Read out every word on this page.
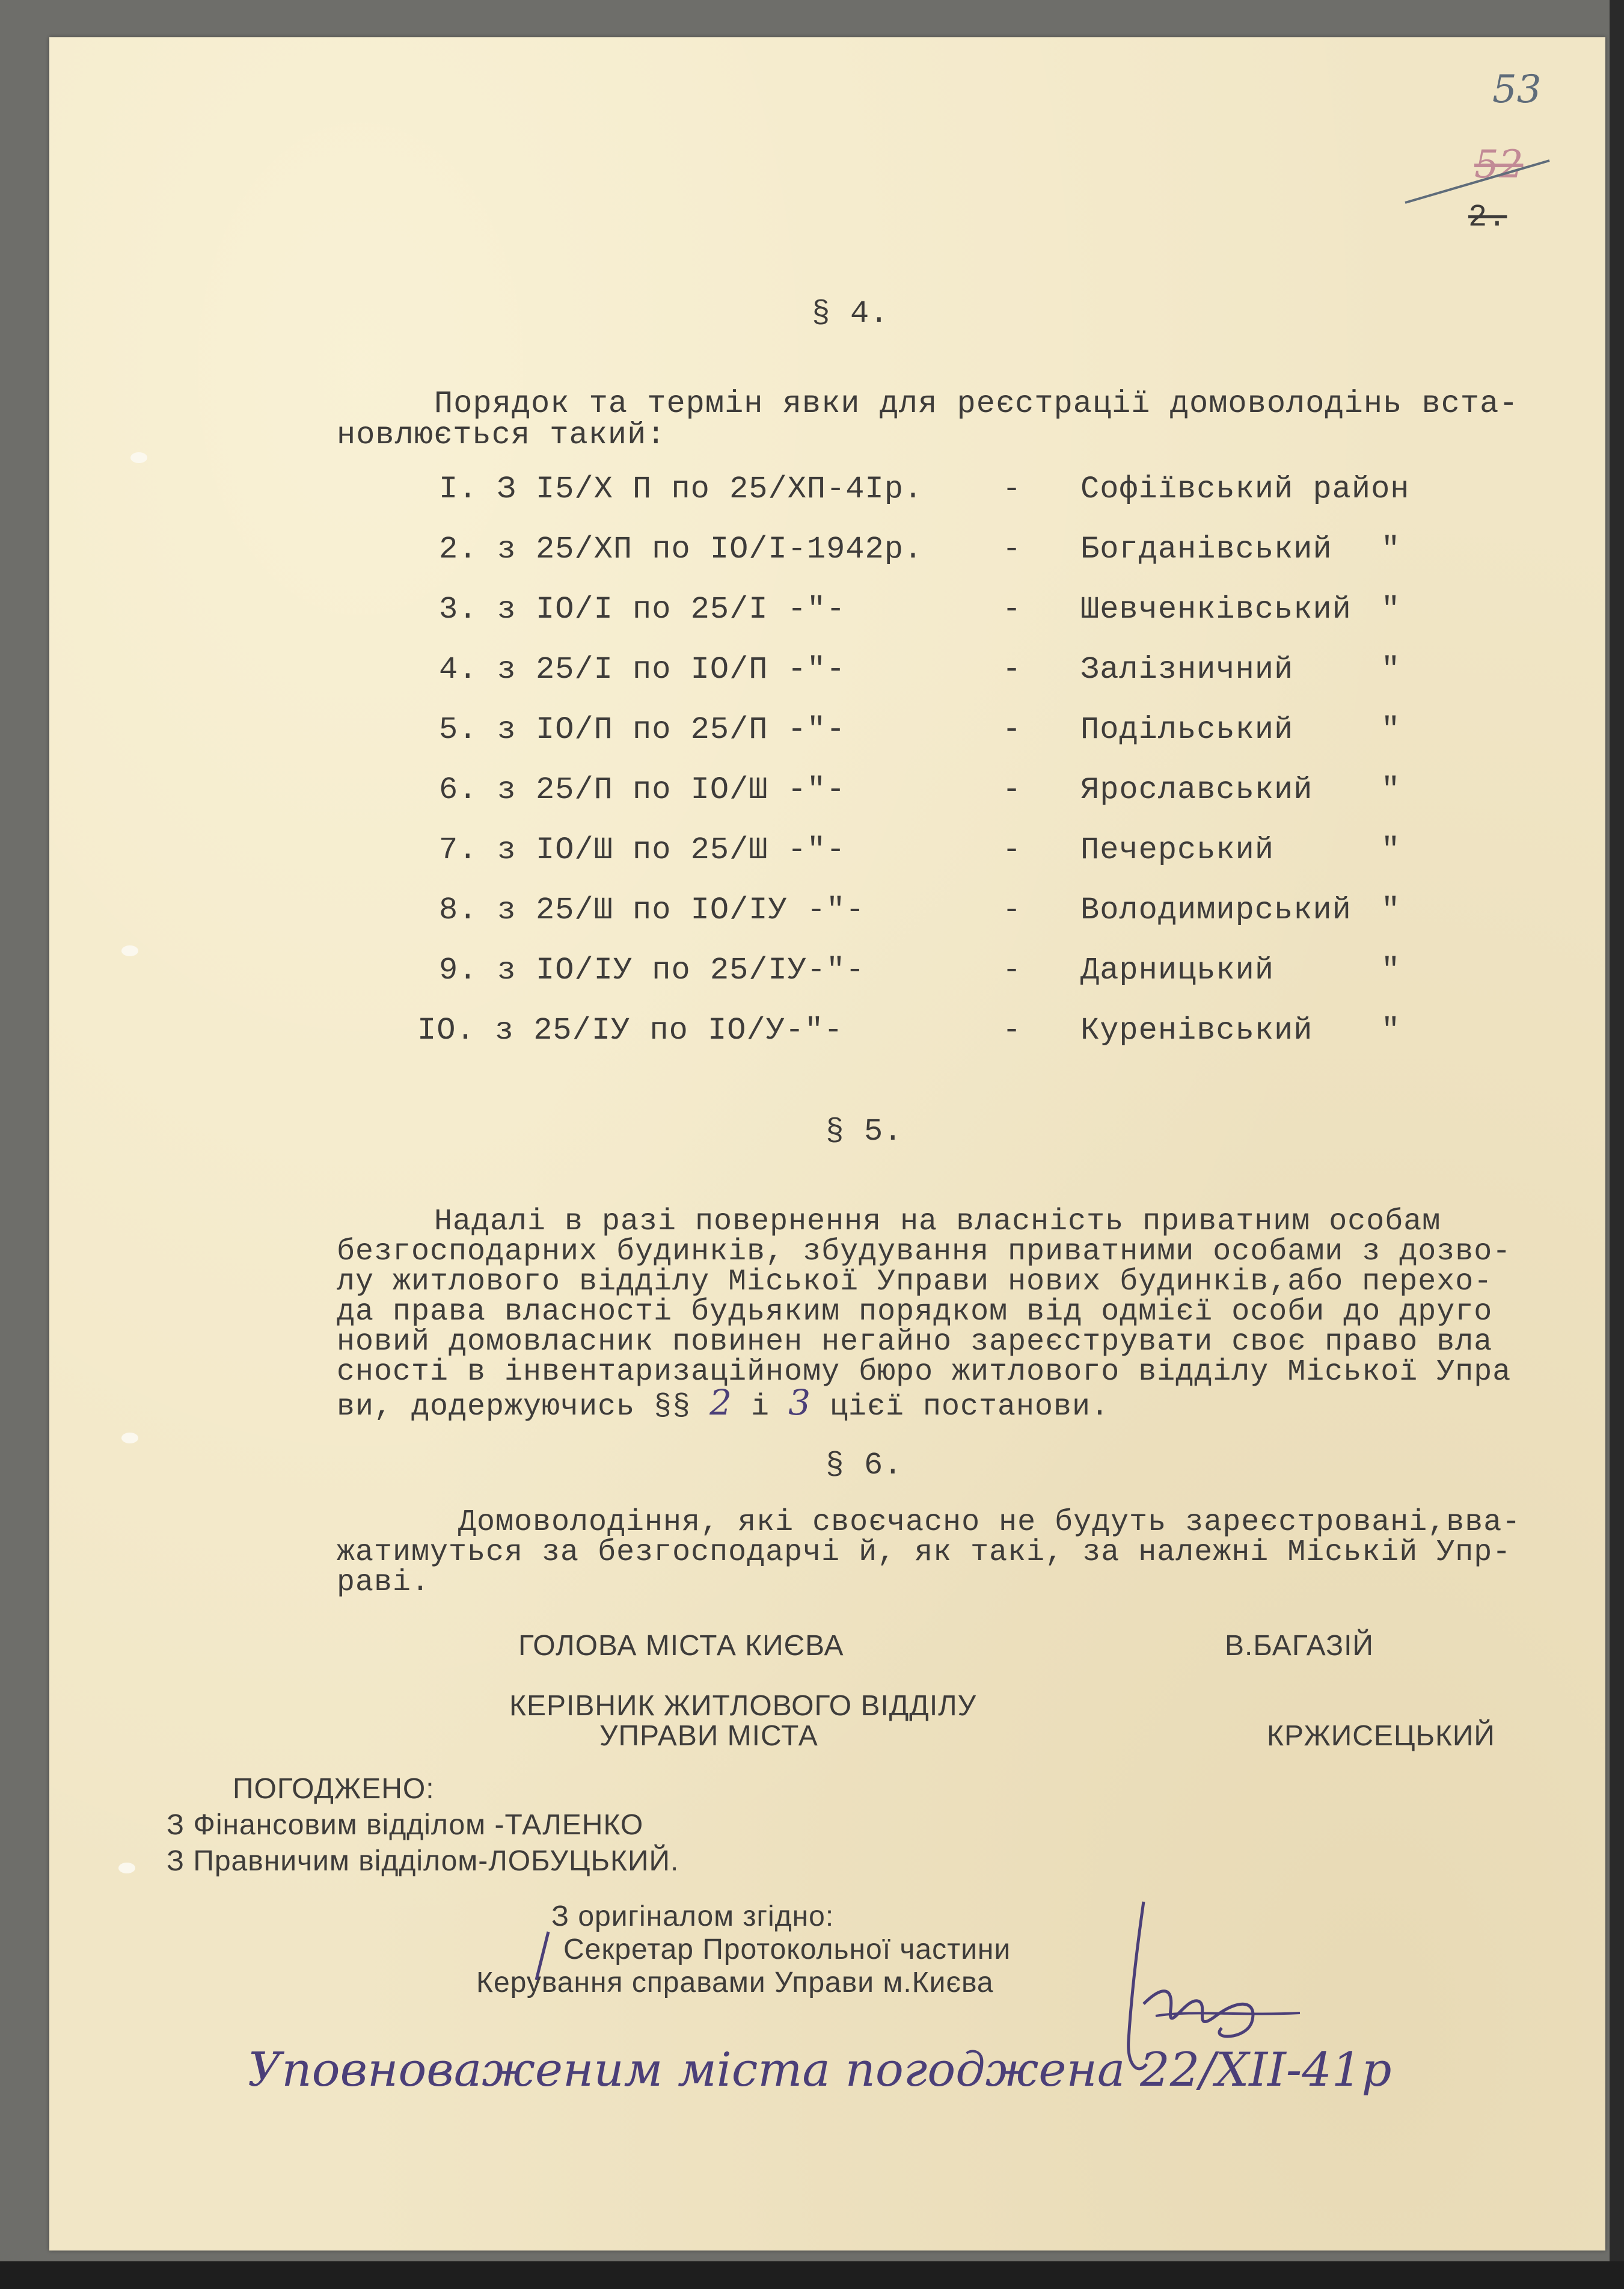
53
52
2.
§ 4.
Порядок та термін явки для реєстрації домоволодінь вста-
новлюється такий:
I. З I5/X П по 25/XП-4Iр.	- Софіївський район
2. з 25/XП по IO/I-1942р.	- Богданівський "
3. з IO/I по 25/I -"-	- Шевченківський "
4. з 25/I по IO/П -"-	- Залізничний	"
5. з IO/П по 25/П -"-	- Подільський	"
6. з 25/П по IO/Ш -"-	- Ярославський "
7. з IO/Ш по 25/Ш -"-	- Печерський	"
8. з 25/Ш по IO/IУ -"-	- Володимирський "
9. з IO/IУ по 25/IУ-"-	- Дарницький	"
IO. з 25/IУ по IO/У-"-	- Куренівський "
§ 5.
Надалі в разі повернення на власність приватним особам
безгосподарних будинків, збудування приватними особами з дозво-
лу житлового відділу Міської Управи нових будинків,або перехо-
да права власності будьяким порядком від одмієї особи до друго
новий домовласник повинен негайно зареєструвати своє право вла
сності в інвентаризаційному бюро житлового відділу Міської Упра
ви, додержуючись §§ 2 і 3 цієї постанови.
§ 6.
Домоволодіння, які своєчасно не будуть зареєстровані,вва-
жатимуться за безгосподарчі й, як такі, за належні Міській Упр-
раві.
ГОЛОВА МІСТА КИЄВА	В.БАГАЗІЙ
КЕРІВНИК ЖИТЛОВОГО ВІДДІЛУ
УПРАВИ МІСТА	КРЖИСЕЦЬКИЙ
ПОГОДЖЕНО:
З Фінансовим відділом -ТАЛЕНКО
З Правничим відділом-ЛОБУЦЬКИЙ.
З оригіналом згідно:
Секретар Протокольної частини
Керування справами Управи м.Києва
Уповноваженим міста погоджена 22/XII-41р
